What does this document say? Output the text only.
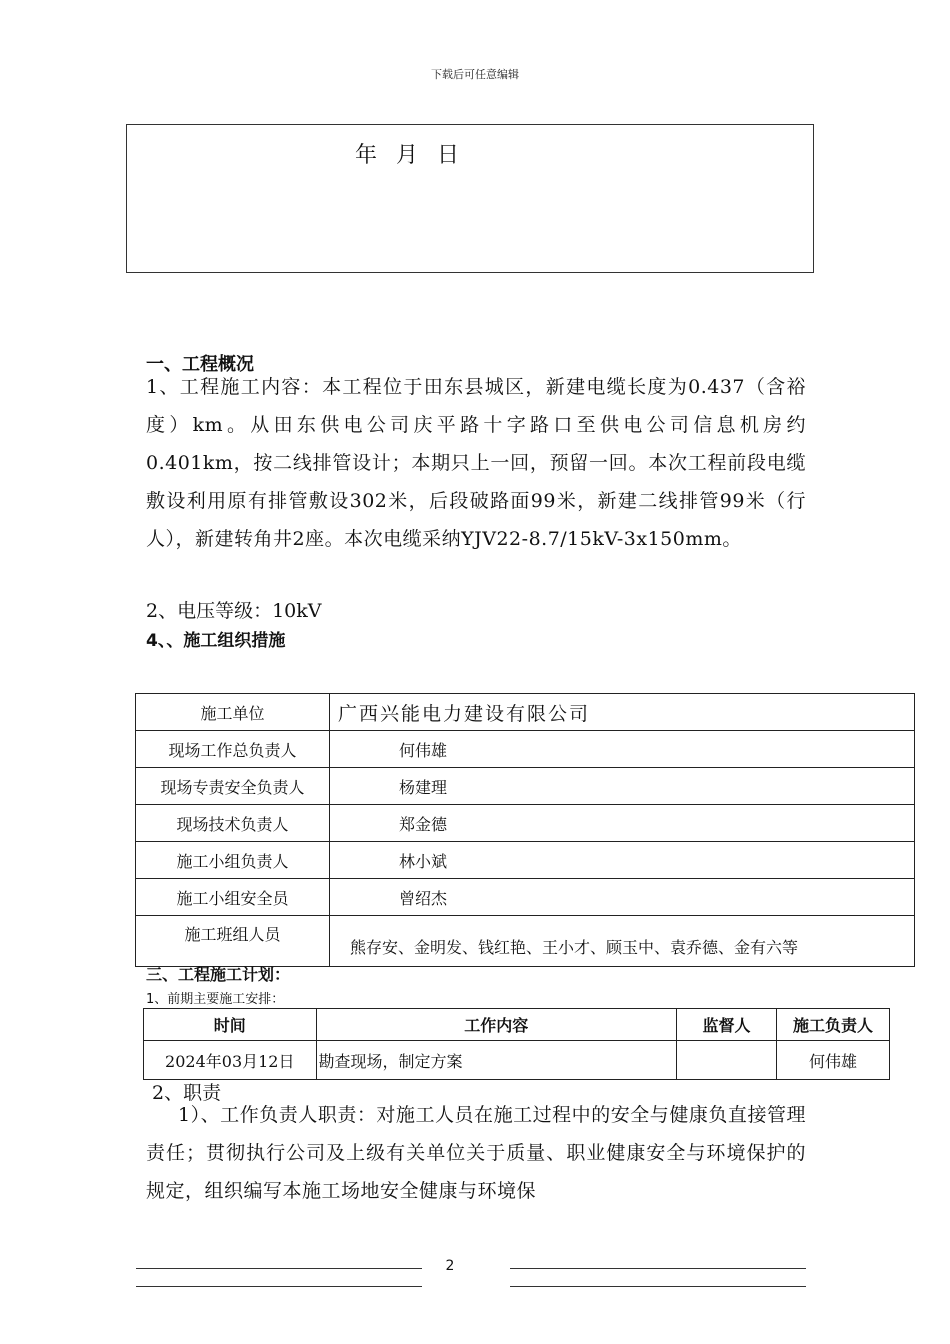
下载后可任意编辑
年 月 日
一、工程概况
1、工程施工内容：本工程位于田东县城区，新建电缆长度为0.437（含裕度）km。从田东供电公司庆平路十字路口至供电公司信息机房约0.401km，按二线排管设计；本期只上一回，预留一回。本次工程前段电缆敷设利用原有排管敷设302米，后段破路面99米，新建二线排管99米（行人），新建转角井2座。本次电缆采纳YJV22-8.7/15kV-3x150mm。
2、电压等级：10kV
4、、施工组织措施
施工单位	广西兴能电力建设有限公司
现场工作总负责人	何伟雄
现场专责安全负责人	杨建理
现场技术负责人	郑金德
施工小组负责人	林小斌
施工小组安全员	曾绍杰
施工班组人员	熊存安、金明发、钱红艳、王小才、顾玉中、袁乔德、金有六等
三、工程施工计划：
1、前期主要施工安排：
时间	工作内容	监督人	施工负责人
2024年03月12日	勘查现场，制定方案		何伟雄
2、职责
1）、工作负责人职责：对施工人员在施工过程中的安全与健康负直接管理责任；贯彻执行公司及上级有关单位关于质量、职业健康安全与环境保护的规定，组织编写本施工场地安全健康与环境保
2
